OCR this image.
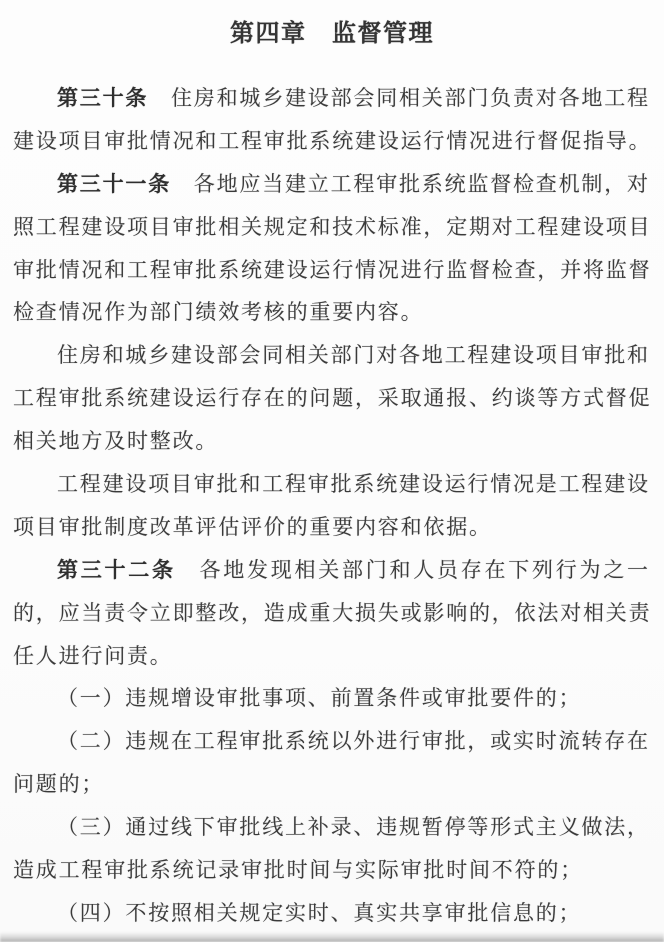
第四章　监督管理
第三十条　住房和城乡建设部会同相关部门负责对各地工程
建设项目审批情况和工程审批系统建设运行情况进行督促指导。
第三十一条　各地应当建立工程审批系统监督检查机制，对
照工程建设项目审批相关规定和技术标准，定期对工程建设项目
审批情况和工程审批系统建设运行情况进行监督检查，并将监督
检查情况作为部门绩效考核的重要内容。
住房和城乡建设部会同相关部门对各地工程建设项目审批和
工程审批系统建设运行存在的问题，采取通报、约谈等方式督促
相关地方及时整改。
工程建设项目审批和工程审批系统建设运行情况是工程建设
项目审批制度改革评估评价的重要内容和依据。
第三十二条　各地发现相关部门和人员存在下列行为之一
的，应当责令立即整改，造成重大损失或影响的，依法对相关责
任人进行问责。
（一）违规增设审批事项、前置条件或审批要件的；
（二）违规在工程审批系统以外进行审批，或实时流转存在
问题的；
（三）通过线下审批线上补录、违规暂停等形式主义做法，
造成工程审批系统记录审批时间与实际审批时间不符的；
（四）不按照相关规定实时、真实共享审批信息的；
